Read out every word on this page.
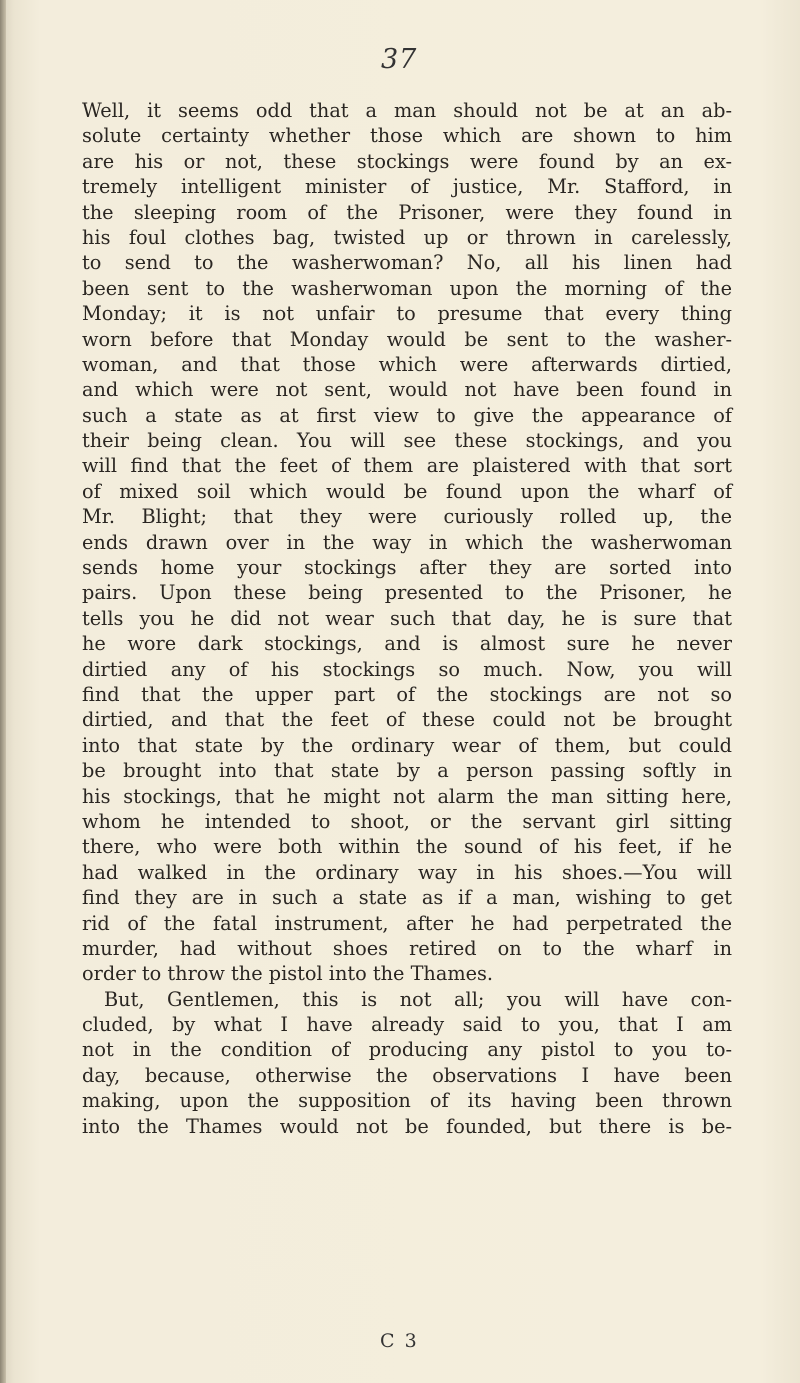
37
Well, it seems odd that a man should not be at an ab-
solute certainty whether those which are shown to him
are his or not, these stockings were found by an ex-
tremely intelligent minister of justice, Mr. Stafford, in
the sleeping room of the Prisoner, were they found in
his foul clothes bag, twisted up or thrown in carelessly,
to send to the washerwoman? No, all his linen had
been sent to the washerwoman upon the morning of the
Monday; it is not unfair to presume that every thing
worn before that Monday would be sent to the washer-
woman, and that those which were afterwards dirtied,
and which were not sent, would not have been found in
such a state as at first view to give the appearance of
their being clean. You will see these stockings, and you
will find that the feet of them are plaistered with that sort
of mixed soil which would be found upon the wharf of
Mr. Blight; that they were curiously rolled up, the
ends drawn over in the way in which the washerwoman
sends home your stockings after they are sorted into
pairs. Upon these being presented to the Prisoner, he
tells you he did not wear such that day, he is sure that
he wore dark stockings, and is almost sure he never
dirtied any of his stockings so much. Now, you will
find that the upper part of the stockings are not so
dirtied, and that the feet of these could not be brought
into that state by the ordinary wear of them, but could
be brought into that state by a person passing softly in
his stockings, that he might not alarm the man sitting here,
whom he intended to shoot, or the servant girl sitting
there, who were both within the sound of his feet, if he
had walked in the ordinary way in his shoes.—You will
find they are in such a state as if a man, wishing to get
rid of the fatal instrument, after he had perpetrated the
murder, had without shoes retired on to the wharf in
order to throw the pistol into the Thames.
But, Gentlemen, this is not all; you will have con-
cluded, by what I have already said to you, that I am
not in the condition of producing any pistol to you to-
day, because, otherwise the observations I have been
making, upon the supposition of its having been thrown
into the Thames would not be founded, but there is be-
C 3
